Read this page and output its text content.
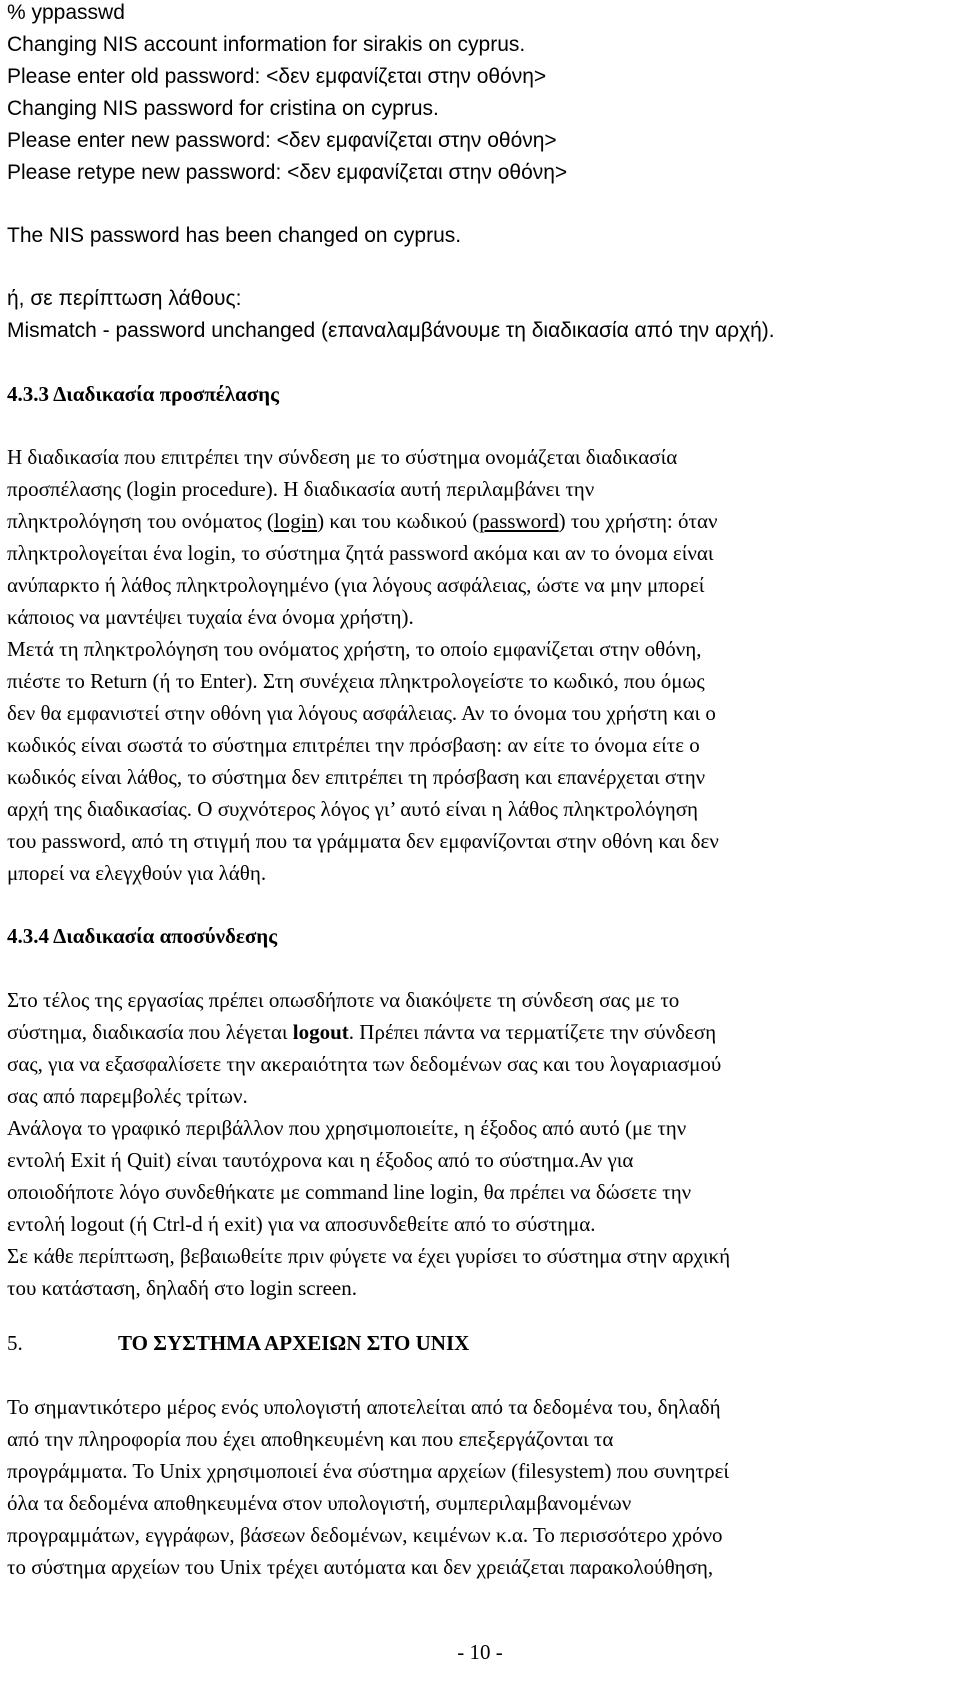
% yppasswd
Changing NIS account information for sirakis on cyprus.
Please enter old password: <δεν εμφανίζεται στην οθόνη>
Changing NIS password for cristina on cyprus.
Please enter new password: <δεν εμφανίζεται στην οθόνη>
Please retype new password: <δεν εμφανίζεται στην οθόνη>
The NIS password has been changed on cyprus.
ή, σε περίπτωση λάθους:
Mismatch - password unchanged (επαναλαμβάνουμε τη διαδικασία από την αρχή).
4.3.3 Διαδικασία προσπέλασης
Η διαδικασία που επιτρέπει την σύνδεση με το σύστημα ονομάζεται διαδικασία
προσπέλασης (login procedure). Η διαδικασία αυτή περιλαμβάνει την
πληκτρολόγηση του ονόματος (login) και του κωδικού (password) του χρήστη: όταν
πληκτρολογείται ένα login, το σύστημα ζητά password ακόμα και αν το όνομα είναι
ανύπαρκτο ή λάθος πληκτρολογημένο (για λόγους ασφάλειας, ώστε να μην μπορεί
κάποιος να μαντέψει τυχαία ένα όνομα χρήστη).
Μετά τη πληκτρολόγηση του ονόματος χρήστη, το οποίο εμφανίζεται στην οθόνη,
πιέστε το Return (ή το Enter). Στη συνέχεια πληκτρολογείστε το κωδικό, που όμως
δεν θα εμφανιστεί στην οθόνη για λόγους ασφάλειας. Αν το όνομα του χρήστη και ο
κωδικός είναι σωστά το σύστημα επιτρέπει την πρόσβαση: αν είτε το όνομα είτε ο
κωδικός είναι λάθος, το σύστημα δεν επιτρέπει τη πρόσβαση και επανέρχεται στην
αρχή της διαδικασίας. Ο συχνότερος λόγος γι’ αυτό είναι η λάθος πληκτρολόγηση
του password, από τη στιγμή που τα γράμματα δεν εμφανίζονται στην οθόνη και δεν
μπορεί να ελεγχθούν για λάθη.
4.3.4 Διαδικασία αποσύνδεσης
Στο τέλος της εργασίας πρέπει οπωσδήποτε να διακόψετε τη σύνδεση σας με το
σύστημα, διαδικασία που λέγεται logout. Πρέπει πάντα να τερματίζετε την σύνδεση
σας, για να εξασφαλίσετε την ακεραιότητα των δεδομένων σας και του λογαριασμού
σας από παρεμβολές τρίτων.
Ανάλογα το γραφικό περιβάλλον που χρησιμοποιείτε, η έξοδος από αυτό (με την
εντολή Exit ή Quit) είναι ταυτόχρονα και η έξοδος από το σύστημα.Αν για
οποιοδήποτε λόγο συνδεθήκατε με command line login, θα πρέπει να δώσετε την
εντολή logout (ή Ctrl-d ή exit) για να αποσυνδεθείτε από το σύστημα.
Σε κάθε περίπτωση, βεβαιωθείτε πριν φύγετε να έχει γυρίσει το σύστημα στην αρχική
του κατάσταση, δηλαδή στο login screen.
5.	ΤΟ ΣΥΣΤΗΜΑ ΑΡΧΕΙΩΝ ΣΤΟ UNIX
Το σημαντικότερο μέρος ενός υπολογιστή αποτελείται από τα δεδομένα του, δηλαδή
από την πληροφορία που έχει αποθηκευμένη και που επεξεργάζονται τα
προγράμματα. Το Unix χρησιμοποιεί ένα σύστημα αρχείων (filesystem) που συνητρεί
όλα τα δεδομένα αποθηκευμένα στον υπολογιστή, συμπεριλαμβανομένων
προγραμμάτων, εγγράφων, βάσεων δεδομένων, κειμένων κ.α. Το περισσότερο χρόνο
το σύστημα αρχείων του Unix τρέχει αυτόματα και δεν χρειάζεται παρακολούθηση,
- 10 -
